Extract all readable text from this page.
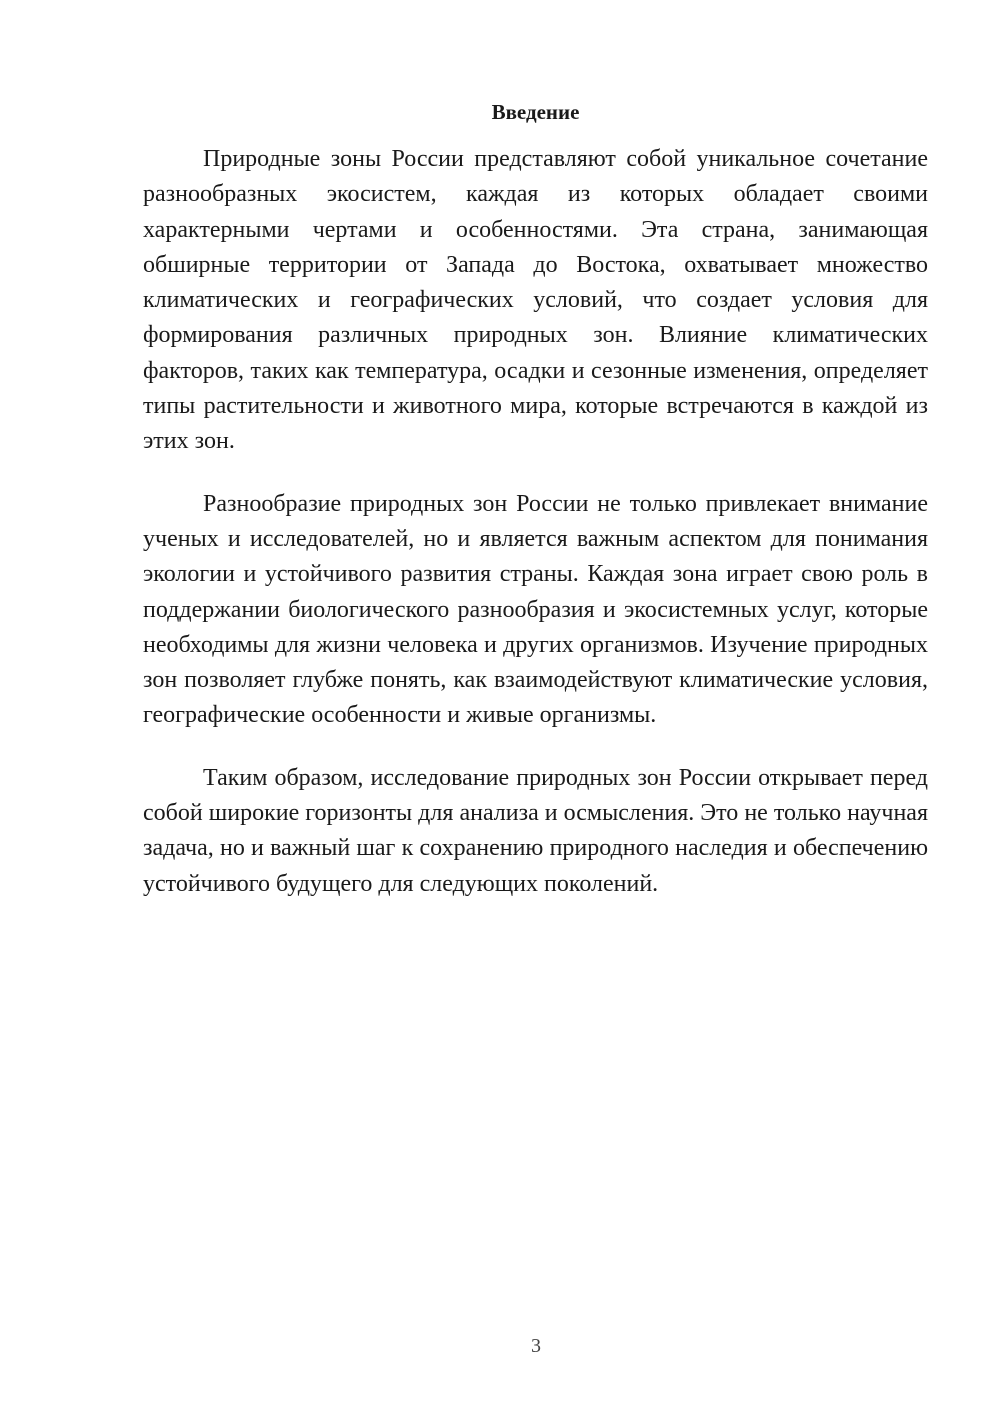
Введение

Природные зоны России представляют собой уникальное сочетание разнообразных экосистем, каждая из которых обладает своими характерными чертами и особенностями. Эта страна, занимающая обширные территории от Запада до Востока, охватывает множество климатических и географических условий, что создает условия для формирования различных природных зон. Влияние климатических факторов, таких как температура, осадки и сезонные изменения, определяет типы растительности и животного мира, которые встречаются в каждой из этих зон.

Разнообразие природных зон России не только привлекает внимание ученых и исследователей, но и является важным аспектом для понимания экологии и устойчивого развития страны. Каждая зона играет свою роль в поддержании биологического разнообразия и экосистемных услуг, которые необходимы для жизни человека и других организмов. Изучение природных зон позволяет глубже понять, как взаимодействуют климатические условия, географические особенности и живые организмы.

Таким образом, исследование природных зон России открывает перед собой широкие горизонты для анализа и осмысления. Это не только научная задача, но и важный шаг к сохранению природного наследия и обеспечению устойчивого будущего для следующих поколений.

3
